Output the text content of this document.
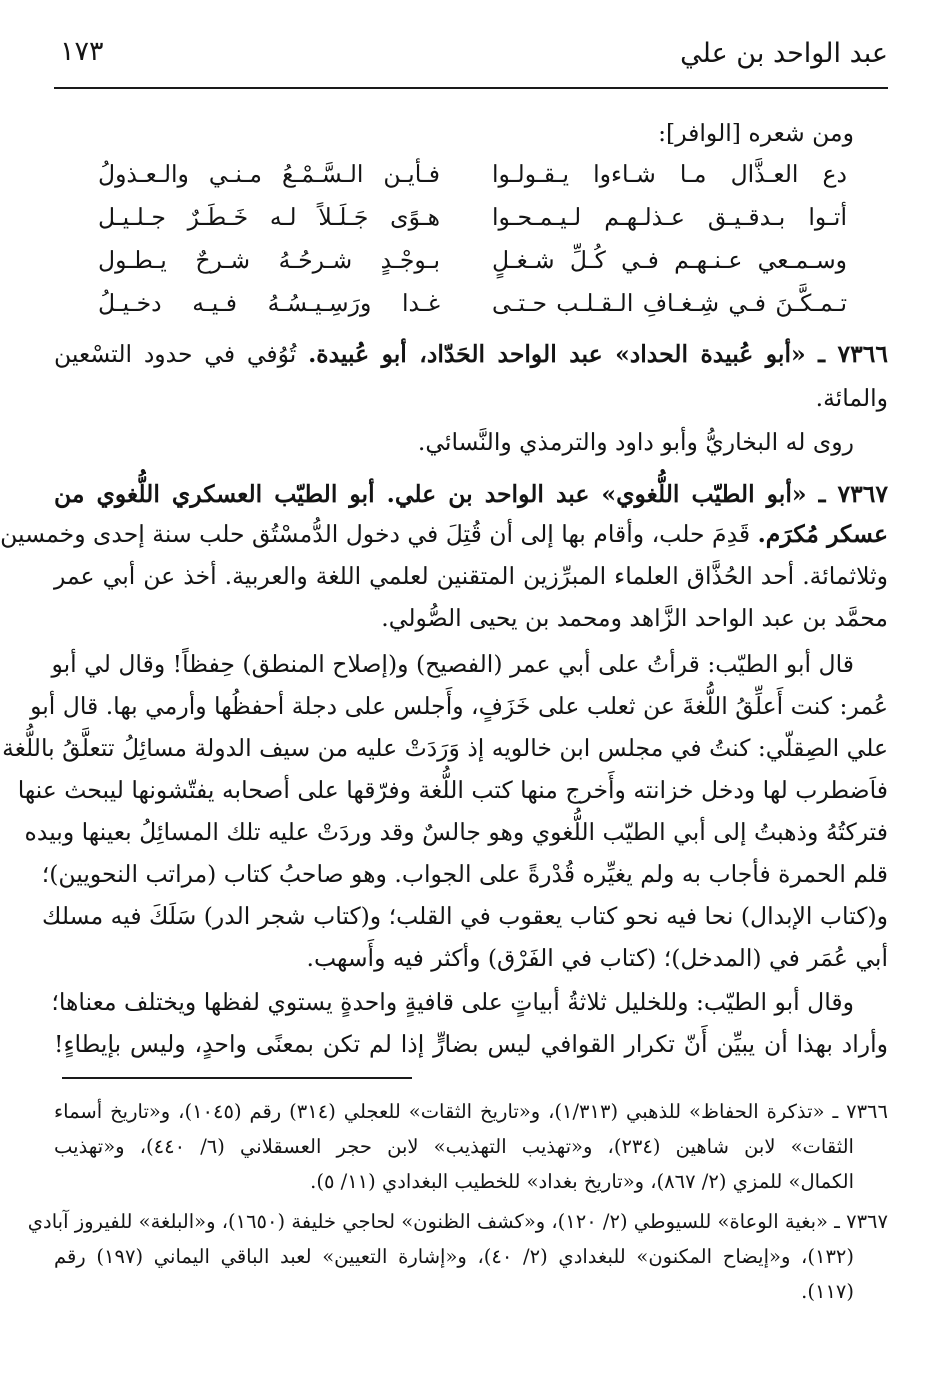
عبد الواحد بن علي
١٧٣
ومن شعره [الوافر]:
دع العـذَّال مـا شـاءوا يـقـولـوا
فـأيـن الـسَّـمْـعُ مـنـي والـعـذولُ
أتـوا بـدقـيـق عـذلـهـم لـيـمـحـوا
هـوًى جَـلَـلاً لـه خَـطَـرٌ جـلـيـل
وسـمـعي عـنـهـم فـي كُـلِّ شـغـلٍ
بـوجْـدٍ شـرحُـهُ شـرحٌ يـطـول
تـمـكَّـنَ فـي شِـغـافِ الـقـلـب حـتـى
غـدا ورَسِـيـسُـهُ فـيـه دخـيـلُ
٧٣٦٦ ـ «أبو عُبيدة الحداد» عبد الواحد الحَدّاد، أبو عُبيدة. تُوُفي في حدود التسْعين
والمائة.
روى له البخاريُّ وأبو داود والترمذي والنَّسائي.
٧٣٦٧ ـ «أبو الطيّب اللُّغوي» عبد الواحد بن علي. أبو الطيّب العسكري اللُّغوي من
عسكر مُكرَم. قَدِمَ حلب، وأقام بها إلى أن قُتِلَ في دخول الدُّمسْتُق حلب سنة إحدى وخمسين
وثلاثمائة. أحد الحُذَّاق العلماء المبرِّزين المتقنين لعلمي اللغة والعربية. أخذ عن أبي عمر
محمَّد بن عبد الواحد الزَّاهد ومحمد بن يحيى الصُّولي.
قال أبو الطيّب: قرأتُ على أبي عمر (الفصيح) و(إصلاح المنطق) حِفظاً! وقال لي أبو
عُمر: كنت أَعلِّقُ اللُّغةَ عن ثعلب على خَزَفٍ، وأَجلس على دجلة أحفظُها وأرمي بها. قال أبو
علي الصِقلّي: كنتُ في مجلس ابن خالويه إذ وَرَدَتْ عليه من سيف الدولة مسائِلُ تتعلَّقُ باللُّغة
فاَضطرب لها ودخل خزانته وأَخرج منها كتب اللُّغة وفرّقها على أصحابه يفتّشونها ليبحث عنها
فتركتُهُ وذهبتُ إلى أبي الطيّب اللُّغوي وهو جالسٌ وقد وردَتْ عليه تلك المسائِلُ بعينها وبيده
قلم الحمرة فأجاب به ولم يغيِّره قُدْرةً على الجواب. وهو صاحبُ كتاب (مراتب النحويين)؛
و(كتاب الإبدال) نحا فيه نحو كتاب يعقوب في القلب؛ و(كتاب شجر الدر) سَلَكَ فيه مسلك
أبي عُمَر في (المدخل)؛ (كتاب في الفَرْق) وأكثر فيه وأَسهب.
وقال أبو الطيّب: وللخليل ثلاثةُ أبياتٍ على قافيةٍ واحدةٍ يستوي لفظها ويختلف معناها؛
وأراد بهذا أن يبيِّن أَنّ تكرار القوافي ليس بضارٍّ إذا لم تكن بمعنًى واحدٍ، وليس بإيطاءٍ!
٧٣٦٦ ـ «تذكرة الحفاظ» للذهبي (١/٣١٣)، و«تاريخ الثقات» للعجلي (٣١٤) رقم (١٠٤٥)، و«تاريخ أسماء
الثقات» لابن شاهين (٢٣٤)، و«تهذيب التهذيب» لابن حجر العسقلاني (٦/ ٤٤٠)، و«تهذيب
الكمال» للمزي (٢/ ٨٦٧)، و«تاريخ بغداد» للخطيب البغدادي (١١/ ٥).
٧٣٦٧ ـ «بغية الوعاة» للسيوطي (٢/ ١٢٠)، و«كشف الظنون» لحاجي خليفة (١٦٥٠)، و«البلغة» للفيروز آبادي
(١٣٢)، و«إيضاح المكنون» للبغدادي (٢/ ٤٠)، و«إشارة التعيين» لعبد الباقي اليماني (١٩٧) رقم
(١١٧).
